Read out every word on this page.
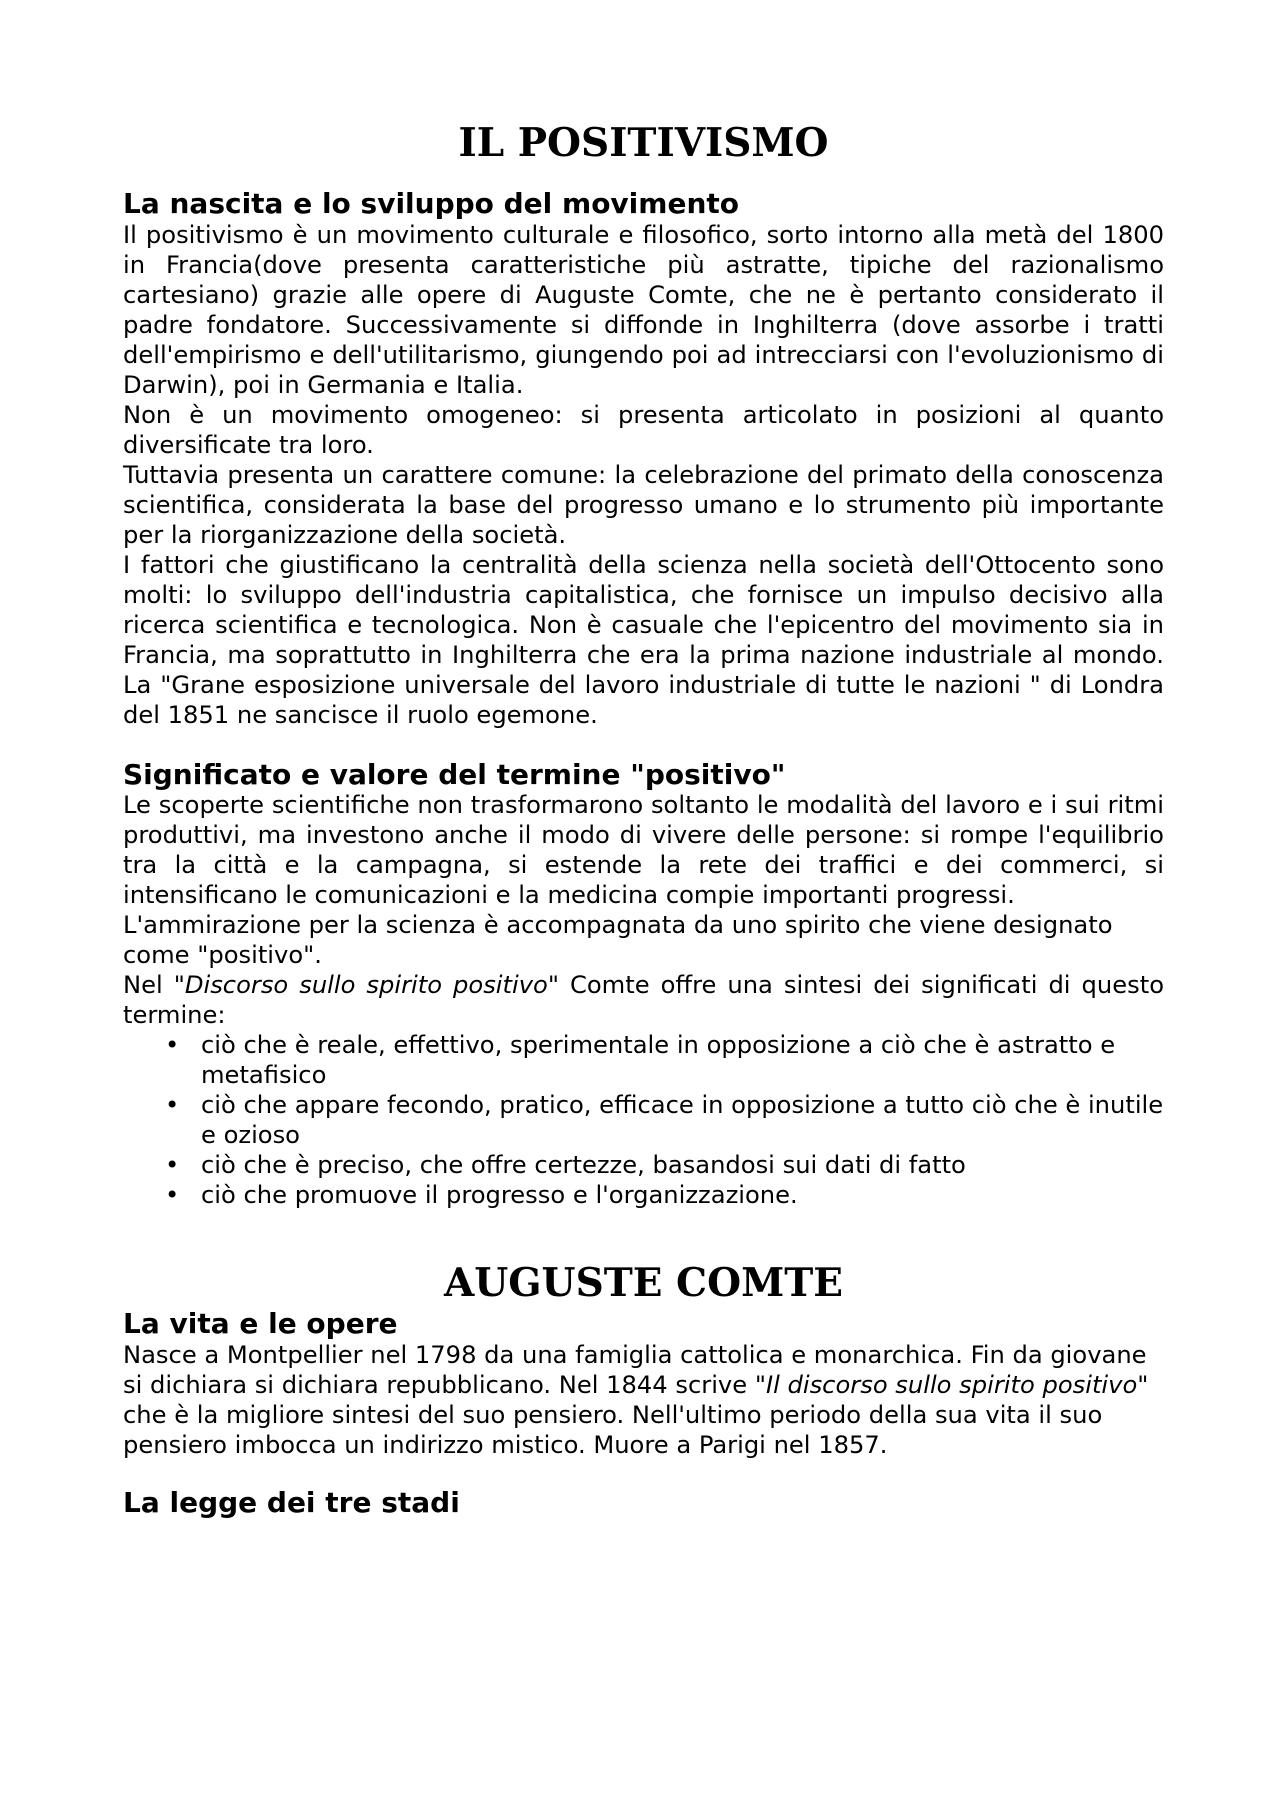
IL POSITIVISMO
La nascita e lo sviluppo del movimento

Il positivismo è un movimento culturale e filosofico, sorto intorno alla metà del 1800 in Francia(dove presenta caratteristiche più astratte, tipiche del razionalismo cartesiano) grazie alle opere di Auguste Comte, che ne è pertanto considerato il padre fondatore. Successivamente si diffonde in Inghilterra (dove assorbe i tratti dell'empirismo e dell'utilitarismo, giungendo poi ad intrecciarsi con l'evoluzionismo di Darwin), poi in Germania e Italia.

Non è un movimento omogeneo: si presenta articolato in posizioni al quanto diversificate tra loro.

Tuttavia presenta un carattere comune: la celebrazione del primato della conoscenza scientifica, considerata la base del progresso umano e lo strumento più importante per la riorganizzazione della società.

I fattori che giustificano la centralità della scienza nella società dell'Ottocento sono molti: lo sviluppo dell'industria capitalistica, che fornisce un impulso decisivo alla ricerca scientifica e tecnologica. Non è casuale che l'epicentro del movimento sia in Francia, ma soprattutto in Inghilterra che era la prima nazione industriale al mondo. La "Grane esposizione universale del lavoro industriale di tutte le nazioni " di Londra del 1851 ne sancisce il ruolo egemone.

Significato e valore del termine "positivo"

Le scoperte scientifiche non trasformarono soltanto le modalità del lavoro e i sui ritmi produttivi, ma investono anche il modo di vivere delle persone: si rompe l'equilibrio tra la città e la campagna, si estende la rete dei traffici e dei commerci, si intensificano le comunicazioni e la medicina compie importanti progressi.

L'ammirazione per la scienza è accompagnata da uno spirito che viene designato come "positivo".

Nel "Discorso sullo spirito positivo" Comte offre una sintesi dei significati di questo termine:

• ciò che è reale, effettivo, sperimentale in opposizione a ciò che è astratto e metafisico
• ciò che appare fecondo, pratico, efficace in opposizione a tutto ciò che è inutile e ozioso
• ciò che è preciso, che offre certezze, basandosi sui dati di fatto
• ciò che promuove il progresso e l'organizzazione.
AUGUSTE COMTE
La vita e le opere

Nasce a Montpellier nel 1798 da una famiglia cattolica e monarchica. Fin da giovane si dichiara si dichiara repubblicano. Nel 1844 scrive "Il discorso sullo spirito positivo" che è la migliore sintesi del suo pensiero. Nell'ultimo periodo della sua vita il suo pensiero imbocca un indirizzo mistico. Muore a Parigi nel 1857.

La legge dei tre stadi
